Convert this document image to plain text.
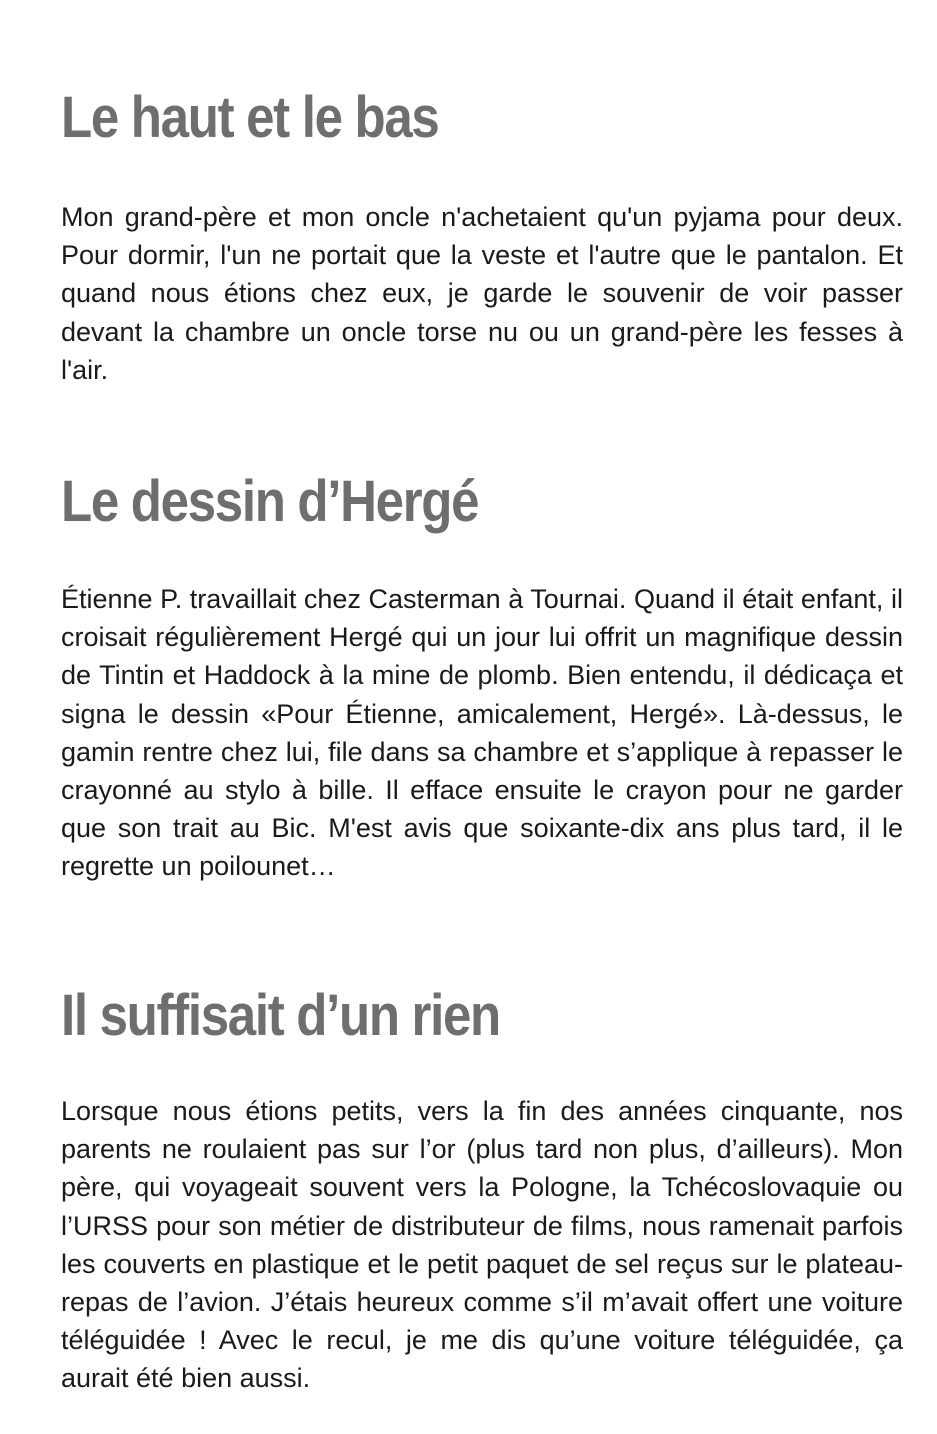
Le haut et le bas

Mon grand-père et mon oncle n'achetaient qu'un pyjama pour deux. Pour dormir, l'un ne portait que la veste et l'autre que le pantalon. Et quand nous étions chez eux, je garde le souvenir de voir passer devant la chambre un oncle torse nu ou un grand-père les fesses à l'air.

Le dessin d’Hergé

Étienne P. travaillait chez Casterman à Tournai. Quand il était enfant, il croisait régulièrement Hergé qui un jour lui offrit un magnifique dessin de Tintin et Haddock à la mine de plomb. Bien entendu, il dédicaça et signa le dessin «Pour Étienne, amicalement, Hergé». Là-dessus, le gamin rentre chez lui, file dans sa chambre et s’applique à repasser le crayonné au stylo à bille. Il efface ensuite le crayon pour ne garder que son trait au Bic. M'est avis que soixante-dix ans plus tard, il le regrette un poilounet…

Il suffisait d’un rien

Lorsque nous étions petits, vers la fin des années cinquante, nos parents ne roulaient pas sur l’or (plus tard non plus, d’ailleurs). Mon père, qui voyageait souvent vers la Pologne, la Tchécoslovaquie ou l’URSS pour son métier de distributeur de films, nous ramenait parfois les couverts en plastique et le petit paquet de sel reçus sur le plateau-repas de l’avion. J’étais heureux comme s’il m’avait offert une voiture téléguidée ! Avec le recul, je me dis qu’une voiture téléguidée, ça aurait été bien aussi.
